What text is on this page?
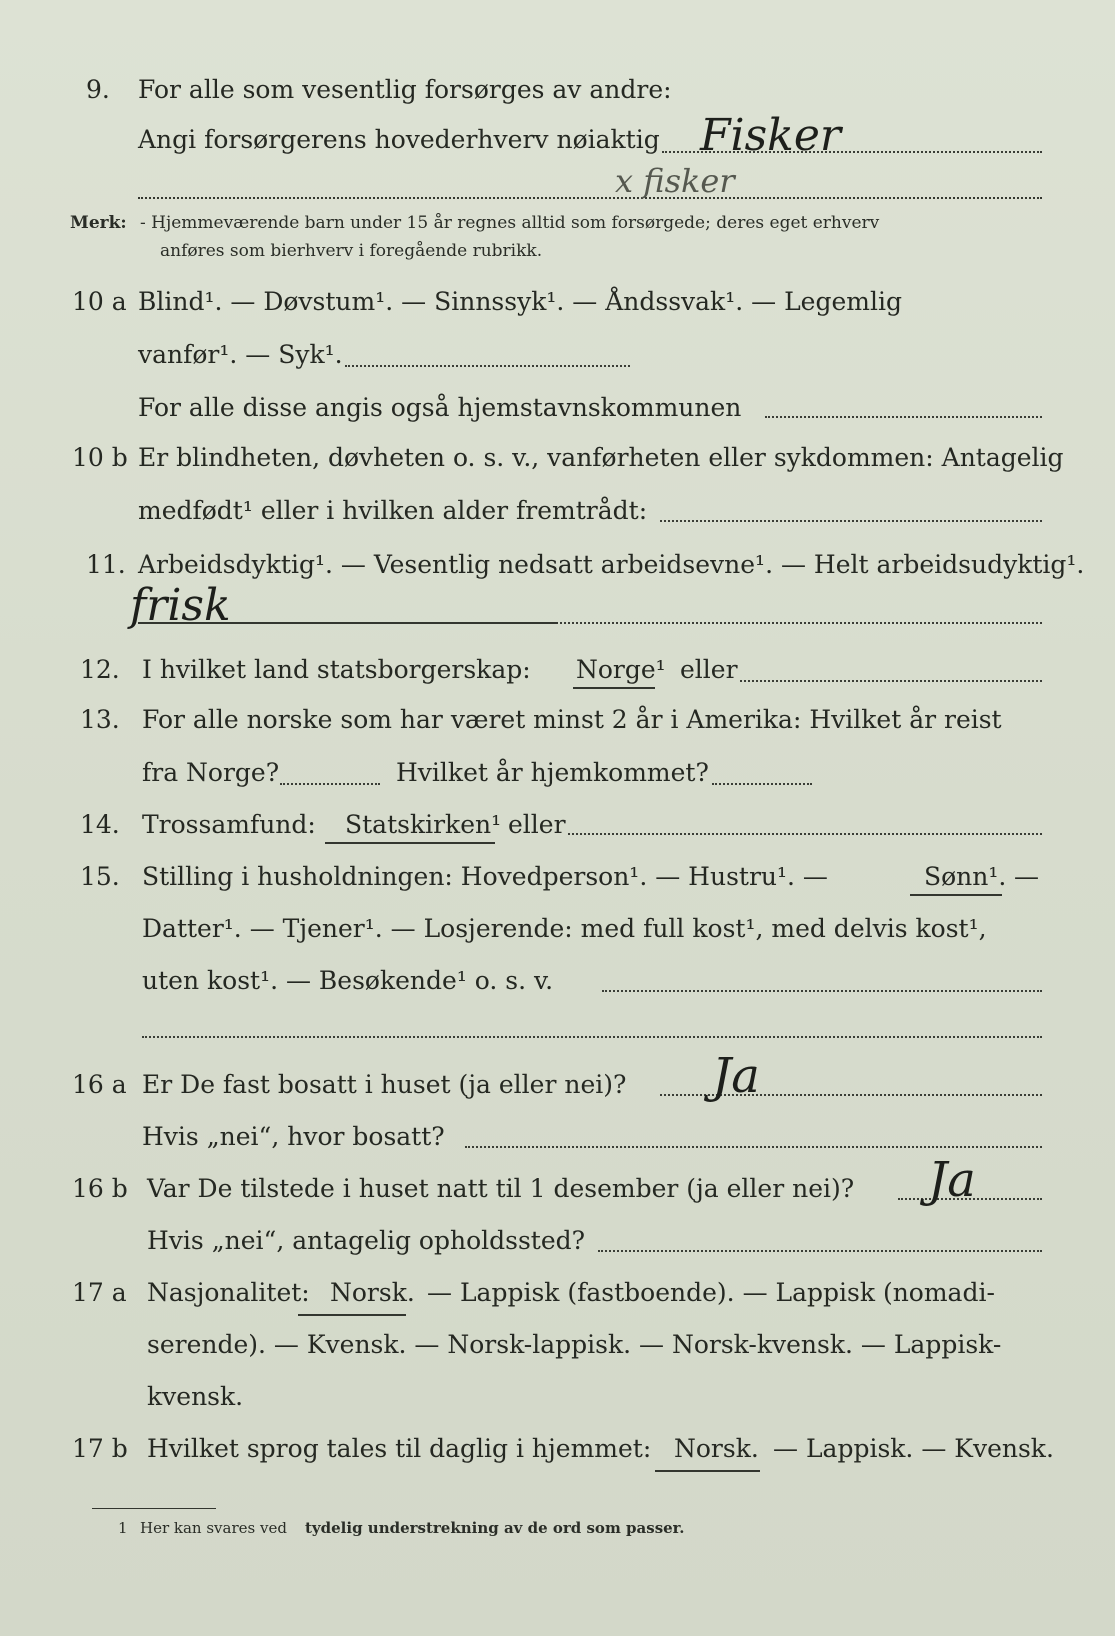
9. For alle som vesentlig forsørges av andre:
Angi forsørgerens hovederhverv nøiaktig Fisker
x fisker
Merk: - Hjemmeværende barn under 15 år regnes alltid som forsørgede; deres eget erhverv
anføres som bierhverv i foregående rubrikk.
10 a Blind¹. — Døvstum¹. — Sinnssyk¹. — Åndssvak¹. — Legemlig
vanfør¹. — Syk¹.
For alle disse angis også hjemstavnskommunen
10 b Er blindheten, døvheten o. s. v., vanførheten eller sykdommen: Antagelig
medfødt¹ eller i hvilken alder fremtrådt:
11. Arbeidsdyktig¹. — Vesentlig nedsatt arbeidsevne¹. — Helt arbeidsudyktig¹.
frisk
12. I hvilket land statsborgerskap: Norge¹ eller
13. For alle norske som har været minst 2 år i Amerika: Hvilket år reist
fra Norge?	Hvilket år hjemkommet?
14. Trossamfund: Statskirken¹ eller
15. Stilling i husholdningen: Hovedperson¹. — Hustru¹. —	Sønn¹. —
Datter¹. — Tjener¹. — Losjerende: med full kost¹, med delvis kost¹,
uten kost¹. — Besøkende¹ o. s. v.
16 a Er De fast bosatt i huset (ja eller nei)? Ja
Hvis „nei“, hvor bosatt?
16 b Var De tilstede i huset natt til 1 desember (ja eller nei)? Ja
Hvis „nei“, antagelig opholdssted?
17 a Nasjonalitet: Norsk. — Lappisk (fastboende). — Lappisk (nomadi-
serende). — Kvensk. — Norsk-lappisk. — Norsk-kvensk. — Lappisk-
kvensk.
17 b Hvilket sprog tales til daglig i hjemmet: Norsk. — Lappisk. — Kvensk.
1 Her kan svares ved tydelig understrekning av de ord som passer.
